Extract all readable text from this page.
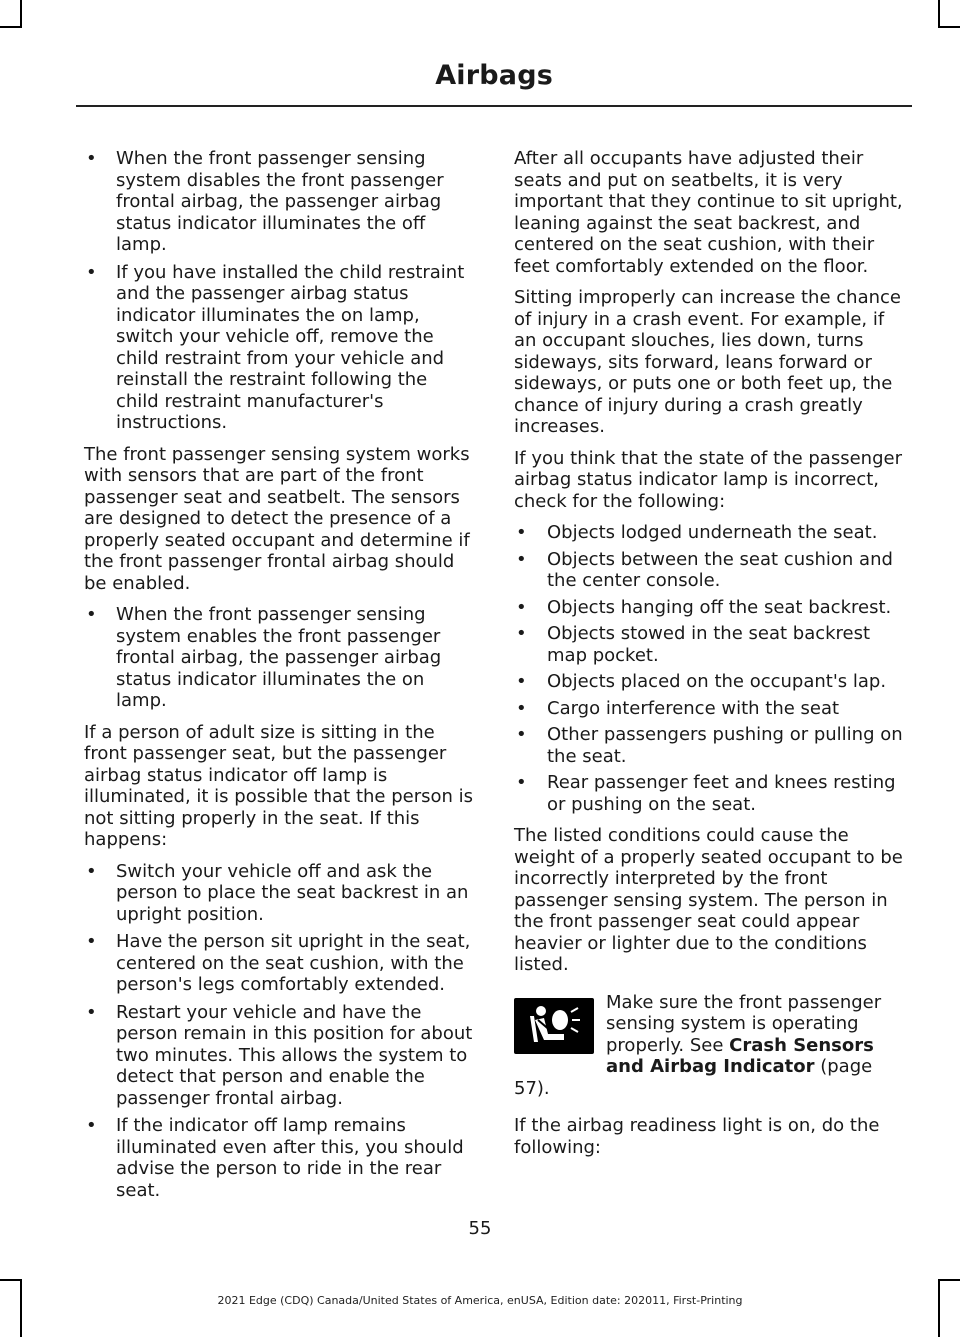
Airbags
• When the front passenger sensing system disables the front passenger frontal airbag, the passenger airbag status indicator illuminates the off lamp.
• If you have installed the child restraint and the passenger airbag status indicator illuminates the on lamp, switch your vehicle off, remove the child restraint from your vehicle and reinstall the restraint following the child restraint manufacturer's instructions.

The front passenger sensing system works with sensors that are part of the front passenger seat and seatbelt. The sensors are designed to detect the presence of a properly seated occupant and determine if the front passenger frontal airbag should be enabled.

• When the front passenger sensing system enables the front passenger frontal airbag, the passenger airbag status indicator illuminates the on lamp.

If a person of adult size is sitting in the front passenger seat, but the passenger airbag status indicator off lamp is illuminated, it is possible that the person is not sitting properly in the seat. If this happens:

• Switch your vehicle off and ask the person to place the seat backrest in an upright position.
• Have the person sit upright in the seat, centered on the seat cushion, with the person's legs comfortably extended.
• Restart your vehicle and have the person remain in this position for about two minutes. This allows the system to detect that person and enable the passenger frontal airbag.
• If the indicator off lamp remains illuminated even after this, you should advise the person to ride in the rear seat.

After all occupants have adjusted their seats and put on seatbelts, it is very important that they continue to sit upright, leaning against the seat backrest, and centered on the seat cushion, with their feet comfortably extended on the floor.

Sitting improperly can increase the chance of injury in a crash event. For example, if an occupant slouches, lies down, turns sideways, sits forward, leans forward or sideways, or puts one or both feet up, the chance of injury during a crash greatly increases.

If you think that the state of the passenger airbag status indicator lamp is incorrect, check for the following:

• Objects lodged underneath the seat.
• Objects between the seat cushion and the center console.
• Objects hanging off the seat backrest.
• Objects stowed in the seat backrest map pocket.
• Objects placed on the occupant's lap.
• Cargo interference with the seat
• Other passengers pushing or pulling on the seat.
• Rear passenger feet and knees resting or pushing on the seat.

The listed conditions could cause the weight of a properly seated occupant to be incorrectly interpreted by the front passenger sensing system. The person in the front passenger seat could appear heavier or lighter due to the conditions listed.

Make sure the front passenger sensing system is operating properly. See Crash Sensors and Airbag Indicator (page 57).

If the airbag readiness light is on, do the following:

55
2021 Edge (CDQ) Canada/United States of America, enUSA, Edition date: 202011, First-Printing
